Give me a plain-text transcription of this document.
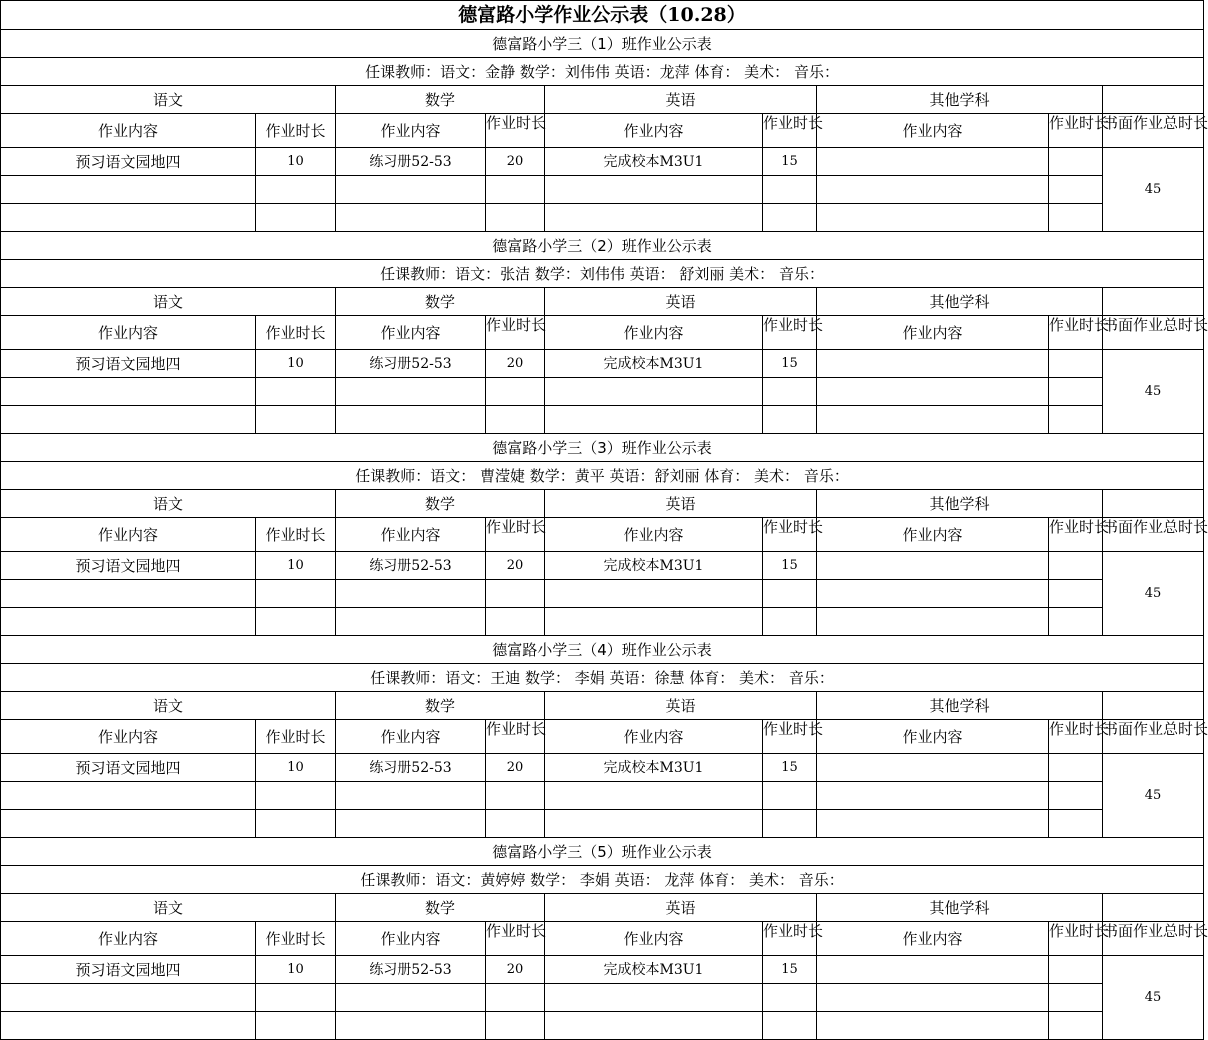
德富路小学作业公示表（10.28）								
德富路小学三（1）班作业公示表								
任课教师：语文：金静 数学：刘伟伟 英语：龙萍 体育： 美术： 音乐：								
语文		数学		英语		其他学科		
作业内容	作业时长	作业内容	作业时长	作业内容	作业时长	作业内容	作业时长	书面作业总时长

预习语文园地四	10	练习册52-53	20	完成校本M3U1	15			45

德富路小学三（2）班作业公示表								
任课教师：语文：张洁 数学：刘伟伟 英语： 舒刘丽 美术： 音乐：								
语文		数学		英语		其他学科		
作业内容	作业时长	作业内容	作业时长	作业内容	作业时长	作业内容	作业时长	书面作业总时长

预习语文园地四	10	练习册52-53	20	完成校本M3U1	15			45

德富路小学三（3）班作业公示表								
任课教师：语文： 曹滢婕 数学：黄平 英语：舒刘丽 体育： 美术： 音乐：								
语文		数学		英语		其他学科		
作业内容	作业时长	作业内容	作业时长	作业内容	作业时长	作业内容	作业时长	书面作业总时长

预习语文园地四	10	练习册52-53	20	完成校本M3U1	15			45

德富路小学三（4）班作业公示表								
任课教师：语文：王迪 数学： 李娟 英语：徐慧 体育： 美术： 音乐：								
语文		数学		英语		其他学科		
作业内容	作业时长	作业内容	作业时长	作业内容	作业时长	作业内容	作业时长	书面作业总时长

预习语文园地四	10	练习册52-53	20	完成校本M3U1	15			45

德富路小学三（5）班作业公示表								
任课教师：语文：黄婷婷 数学： 李娟 英语： 龙萍 体育： 美术： 音乐：								
语文		数学		英语		其他学科		
作业内容	作业时长	作业内容	作业时长	作业内容	作业时长	作业内容	作业时长	书面作业总时长

预习语文园地四	10	练习册52-53	20	完成校本M3U1	15			45
